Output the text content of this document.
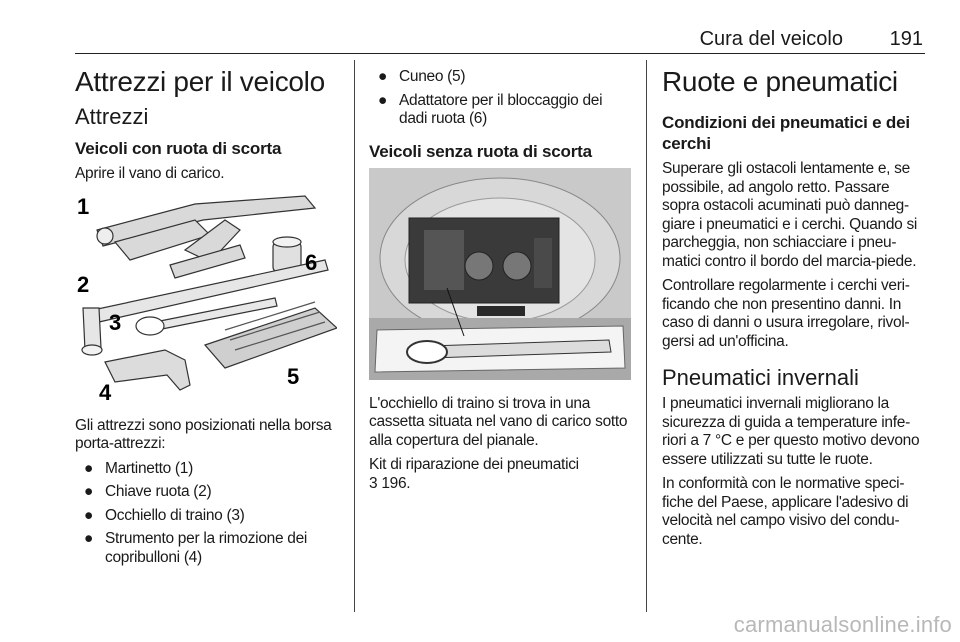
Cura del veicolo 191
Attrezzi per il veicolo
Attrezzi
Veicoli con ruota di scorta

Aprire il vano di carico.

1
2
3
4
5
6

Gli attrezzi sono posizionati nella borsa porta-attrezzi:

● Martinetto (1)
● Chiave ruota (2)
● Occhiello di traino (3)
● Strumento per la rimozione dei copribulloni (4)
● Cuneo (5)
● Adattatore per il bloccaggio dei dadi ruota (6)
Veicoli senza ruota di scorta

L'occhiello di traino si trova in una cassetta situata nel vano di carico sotto alla copertura del pianale.

Kit di riparazione dei pneumatici
3 196.

Ruote e pneumatici
Condizioni dei pneumatici e dei cerchi

Superare gli ostacoli lentamente e, se possibile, ad angolo retto. Passare sopra ostacoli acuminati può danneg-giare i pneumatici e i cerchi. Quando si parcheggia, non schiacciare i pneu-matici contro il bordo del marcia-piede.

Controllare regolarmente i cerchi veri-ficando che non presentino danni. In caso di danni o usura irregolare, rivol-gersi ad un'officina.

Pneumatici invernali

I pneumatici invernali migliorano la sicurezza di guida a temperature infe-riori a 7 °C e per questo motivo devono essere utilizzati su tutte le ruote.

In conformità con le normative speci-fiche del Paese, applicare l'adesivo di velocità nel campo visivo del condu-cente.

carmanualsonline.info
